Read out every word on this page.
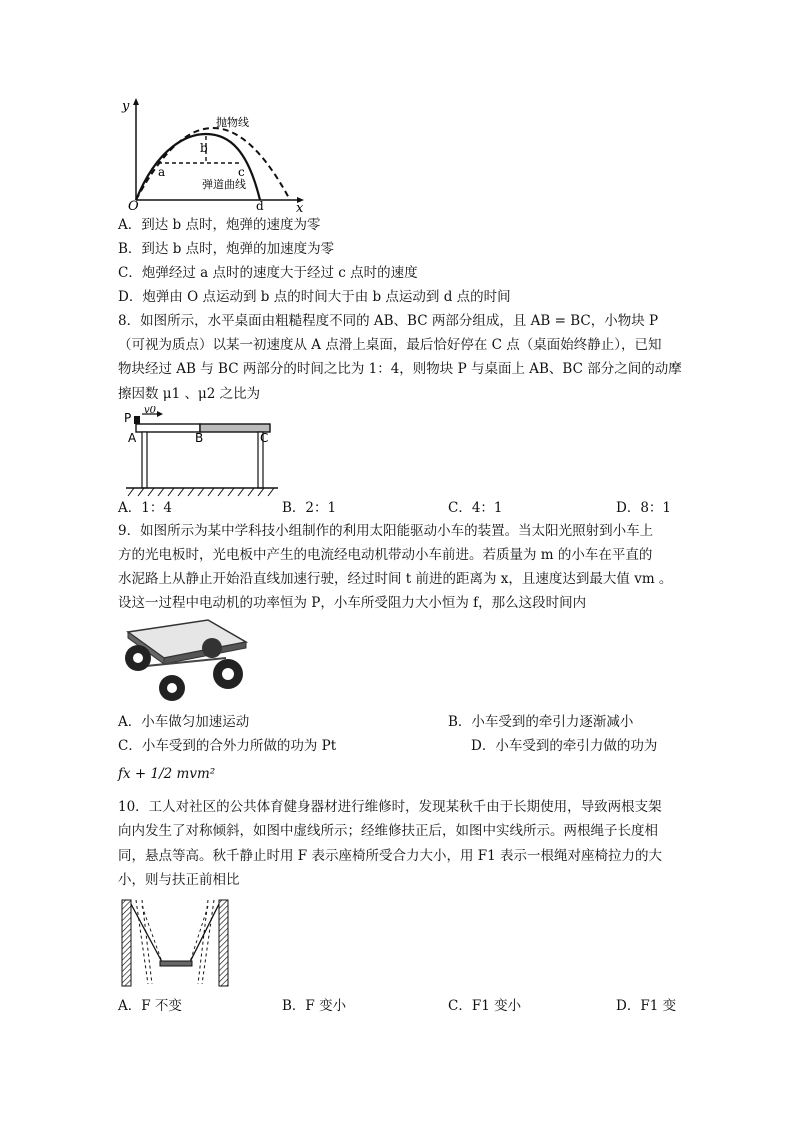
y
x
O
抛物线
弹道曲线
a
b
c
d
A．到达 b 点时，炮弹的速度为零
B．到达 b 点时，炮弹的加速度为零
C．炮弹经过 a 点时的速度大于经过 c 点时的速度
D．炮弹由 O 点运动到 b 点的时间大于由 b 点运动到 d 点的时间
8．如图所示，水平桌面由粗糙程度不同的 AB、BC 两部分组成，且 AB = BC，小物块 P
（可视为质点）以某一初速度从 A 点滑上桌面，最后恰好停在 C 点（桌面始终静止），已知
物块经过 AB 与 BC 两部分的时间之比为 1：4，则物块 P 与桌面上 AB、BC 部分之间的动摩
擦因数 μ1 、μ2 之比为
P
v0
A	B	C
A．1：4	B．2：1	C．4：1	D．8：1
9．如图所示为某中学科技小组制作的利用太阳能驱动小车的装置。当太阳光照射到小车上
方的光电板时，光电板中产生的电流经电动机带动小车前进。若质量为 m 的小车在平直的
水泥路上从静止开始沿直线加速行驶，经过时间 t 前进的距离为 x，且速度达到最大值 vm 。
设这一过程中电动机的功率恒为 P，小车所受阻力大小恒为 f，那么这段时间内
A．小车做匀加速运动	B．小车受到的牵引力逐渐减小
C．小车受到的合外力所做的功为 Pt	D．小车受到的牵引力做的功为
fx + 1/2 mvm²
10．工人对社区的公共体育健身器材进行维修时，发现某秋千由于长期使用，导致两根支架
向内发生了对称倾斜，如图中虚线所示；经维修扶正后，如图中实线所示。两根绳子长度相
同，悬点等高。秋千静止时用 F 表示座椅所受合力大小，用 F1 表示一根绳对座椅拉力的大
小，则与扶正前相比
A．F 不变	B．F 变小	C．F1 变小	D．F1 变
